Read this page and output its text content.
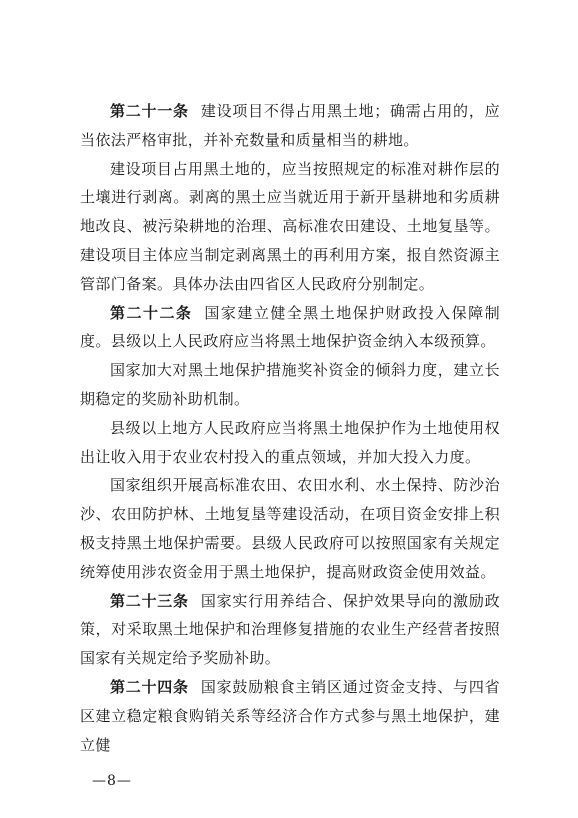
第二十一条 建设项目不得占用黑土地；确需占用的，应当依法严格审批，并补充数量和质量相当的耕地。

建设项目占用黑土地的，应当按照规定的标准对耕作层的土壤进行剥离。剥离的黑土应当就近用于新开垦耕地和劣质耕地改良、被污染耕地的治理、高标准农田建设、土地复垦等。建设项目主体应当制定剥离黑土的再利用方案，报自然资源主管部门备案。具体办法由四省区人民政府分别制定。

第二十二条 国家建立健全黑土地保护财政投入保障制度。县级以上人民政府应当将黑土地保护资金纳入本级预算。

国家加大对黑土地保护措施奖补资金的倾斜力度，建立长期稳定的奖励补助机制。

县级以上地方人民政府应当将黑土地保护作为土地使用权出让收入用于农业农村投入的重点领域，并加大投入力度。

国家组织开展高标准农田、农田水利、水土保持、防沙治沙、农田防护林、土地复垦等建设活动，在项目资金安排上积极支持黑土地保护需要。县级人民政府可以按照国家有关规定统筹使用涉农资金用于黑土地保护，提高财政资金使用效益。

第二十三条 国家实行用养结合、保护效果导向的激励政策，对采取黑土地保护和治理修复措施的农业生产经营者按照国家有关规定给予奖励补助。

第二十四条 国家鼓励粮食主销区通过资金支持、与四省区建立稳定粮食购销关系等经济合作方式参与黑土地保护，建立健

—8—
